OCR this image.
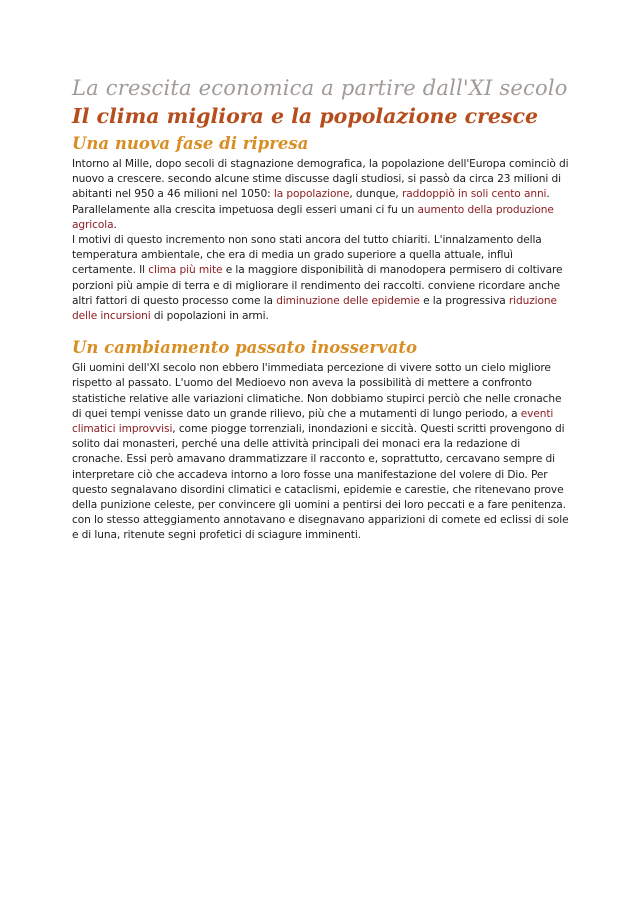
La crescita economica a partire dall'XI secolo
Il clima migliora e la popolazione cresce
Una nuova fase di ripresa

Intorno al Mille, dopo secoli di stagnazione demografica, la popolazione dell'Europa cominciò di nuovo a crescere. secondo alcune stime discusse dagli studiosi, si passò da circa 23 milioni di abitanti nel 950 a 46 milioni nel 1050: la popolazione, dunque, raddoppiò in soli cento anni. Parallelamente alla crescita impetuosa degli esseri umani ci fu un aumento della produzione agricola.

I motivi di questo incremento non sono stati ancora del tutto chiariti. L'innalzamento della temperatura ambientale, che era di media un grado superiore a quella attuale, influì certamente. Il clima più mite e la maggiore disponibilità di manodopera permisero di coltivare porzioni più ampie di terra e di migliorare il rendimento dei raccolti. conviene ricordare anche altri fattori di questo processo come la diminuzione delle epidemie e la progressiva riduzione delle incursioni di popolazioni in armi.

Un cambiamento passato inosservato

Gli uomini dell'XI secolo non ebbero l'immediata percezione di vivere sotto un cielo migliore rispetto al passato. L'uomo del Medioevo non aveva la possibilità di mettere a confronto statistiche relative alle variazioni climatiche. Non dobbiamo stupirci perciò che nelle cronache di quei tempi venisse dato un grande rilievo, più che a mutamenti di lungo periodo, a eventi climatici improvvisi, come piogge torrenziali, inondazioni e siccità. Questi scritti provengono di solito dai monasteri, perché una delle attività principali dei monaci era la redazione di cronache. Essi però amavano drammatizzare il racconto e, soprattutto, cercavano sempre di interpretare ciò che accadeva intorno a loro fosse una manifestazione del volere di Dio. Per questo segnalavano disordini climatici e cataclismi, epidemie e carestie, che ritenevano prove della punizione celeste, per convincere gli uomini a pentirsi dei loro peccati e a fare penitenza. con lo stesso atteggiamento annotavano e disegnavano apparizioni di comete ed eclissi di sole e di luna, ritenute segni profetici di sciagure imminenti.
